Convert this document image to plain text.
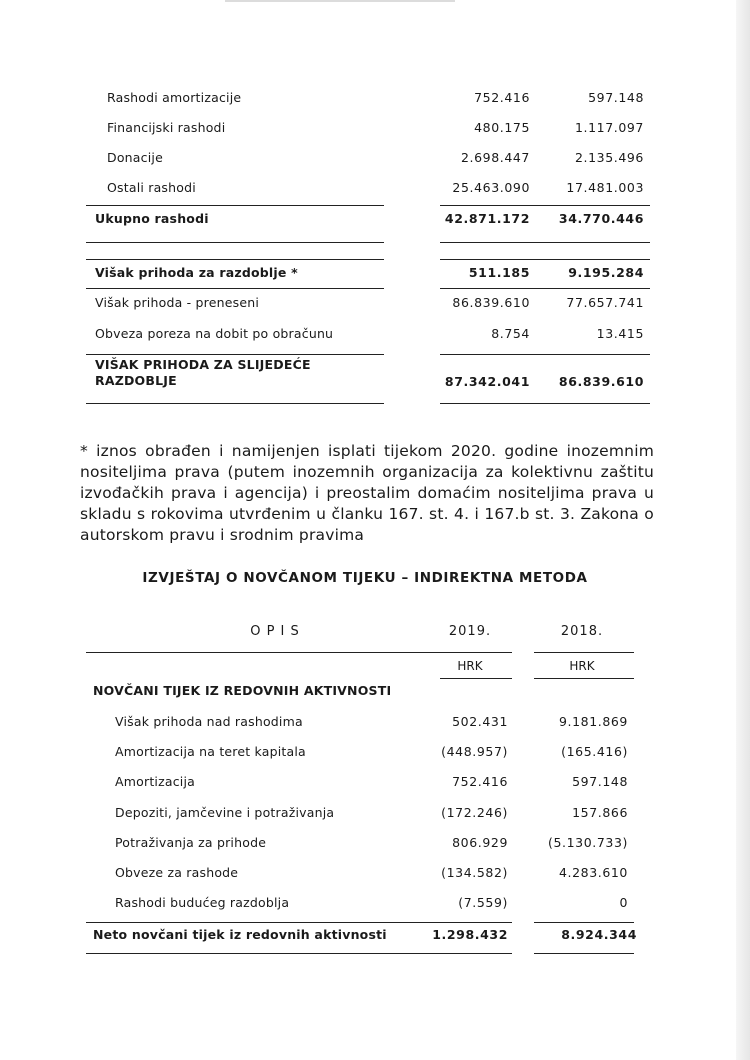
Rashodi amortizacije	752.416	597.148
Financijski rashodi	480.175	1.117.097
Donacije	2.698.447	2.135.496
Ostali rashodi	25.463.090	17.481.003
Ukupno rashodi	42.871.172	34.770.446
Višak prihoda za razdoblje *	511.185	9.195.284
Višak prihoda - preneseni	86.839.610	77.657.741
Obveza poreza na dobit po obračunu	8.754	13.415
VIŠAK PRIHODA ZA SLIJEDEĆE
RAZDOBLJE	87.342.041	86.839.610
* iznos obrađen i namijenjen isplati tijekom 2020. godine inozemnim nositeljima prava (putem inozemnih organizacija za kolektivnu zaštitu izvođačkih prava i agencija) i preostalim domaćim nositeljima prava u skladu s rokovima utvrđenim u članku 167. st. 4. i 167.b st. 3. Zakona o autorskom pravu i srodnim pravima
IZVJEŠTAJ O NOVČANOM TIJEKU – INDIREKTNA METODA
O P I S	2019.	2018.
HRK	HRK
NOVČANI TIJEK IZ REDOVNIH AKTIVNOSTI
Višak prihoda nad rashodima	502.431	9.181.869
Amortizacija na teret kapitala	(448.957)	(165.416)
Amortizacija	752.416	597.148
Depoziti, jamčevine i potraživanja	(172.246)	157.866
Potraživanja za prihode	806.929	(5.130.733)
Obveze za rashode	(134.582)	4.283.610
Rashodi budućeg razdoblja	(7.559)	0
Neto novčani tijek iz redovnih aktivnosti	1.298.432	8.924.344
